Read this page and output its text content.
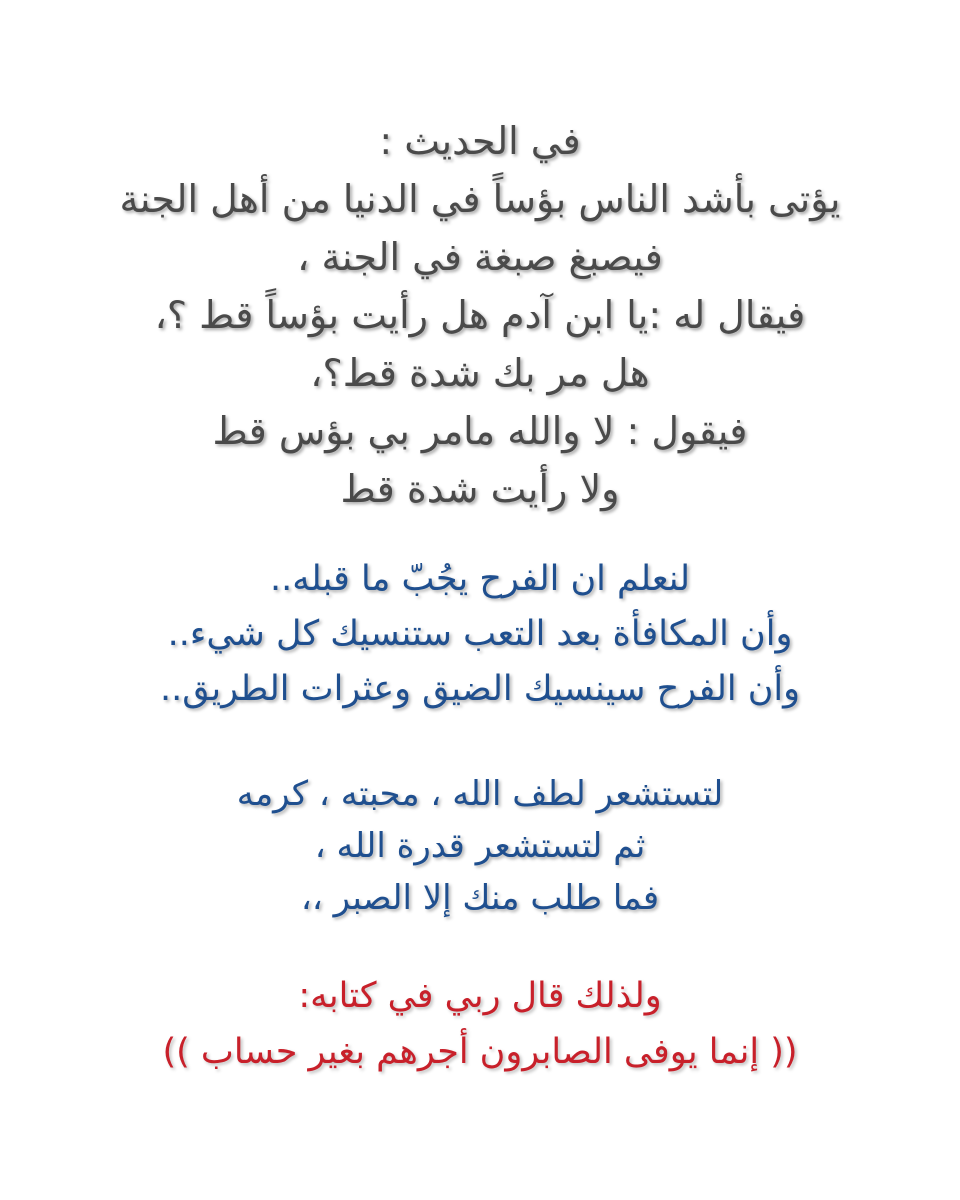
في الحديث :
يؤتى بأشد الناس بؤساً في الدنيا من أهل الجنة
فيصبغ صبغة في الجنة ،
فيقال له :يا ابن آدم هل رأيت بؤساً قط ؟،
هل مر بك شدة قط؟،
فيقول : لا والله مامر بي بؤس قط
ولا رأيت شدة قط
لنعلم ان الفرح يجُبّ ما قبله..
وأن المكافأة بعد التعب ستنسيك كل شيء..
وأن الفرح سينسيك الضيق وعثرات الطريق..
لتستشعر لطف الله ، محبته ، كرمه
ثم لتستشعر قدرة الله ،
فما طلب منك إلا الصبر ،،
ولذلك قال ربي في كتابه:
(( إنما يوفى الصابرون أجرهم بغير حساب ))
